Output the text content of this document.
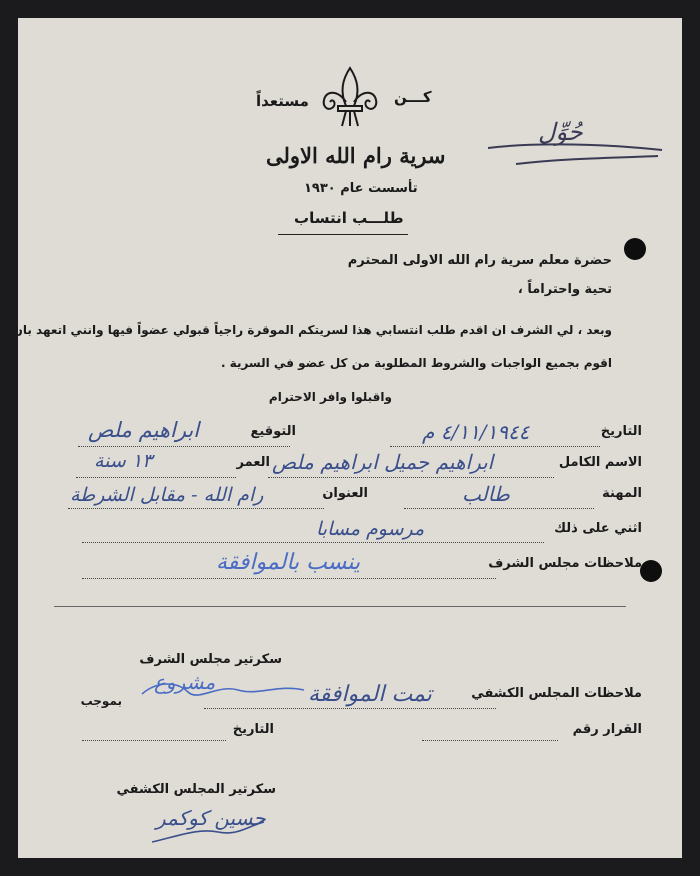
مستعداً	كـــن
سرية رام الله الاولى
تأسست عام ١٩٣٠
طلـــب انتساب
حُوِّل
حضرة معلم سرية رام الله الاولى المحترم
تحية واحتراماً ،
وبعد ، لي الشرف ان اقدم طلب انتسابي هذا لسريتكم الموقرة راجياً قبولي عضواً فيها وانني اتعهد بان
اقوم بجميع الواجبات والشروط المطلوبة من كل عضو في السرية .
واقبلوا وافر الاحترام
التاريخ
٤/١١/١٩٤٤ م
التوقيع
ابراهيم ملص
الاسم الكامل
ابراهيم جميل ابراهيم ملص
العمر
١٣ سنة
المهنة
طالب
العنوان
رام الله - مقابل الشرطة
اثني على ذلك
مرسوم مسابا
ملاحظات مجلس الشرف
ينسب بالموافقة
سكرتير مجلس الشرف
مشروع	ملاحظات المجلس الكشفي
تمت الموافقة
بموجب
القرار رقم
التاريخ
سكرتير المجلس الكشفي
حسين كوكمر
